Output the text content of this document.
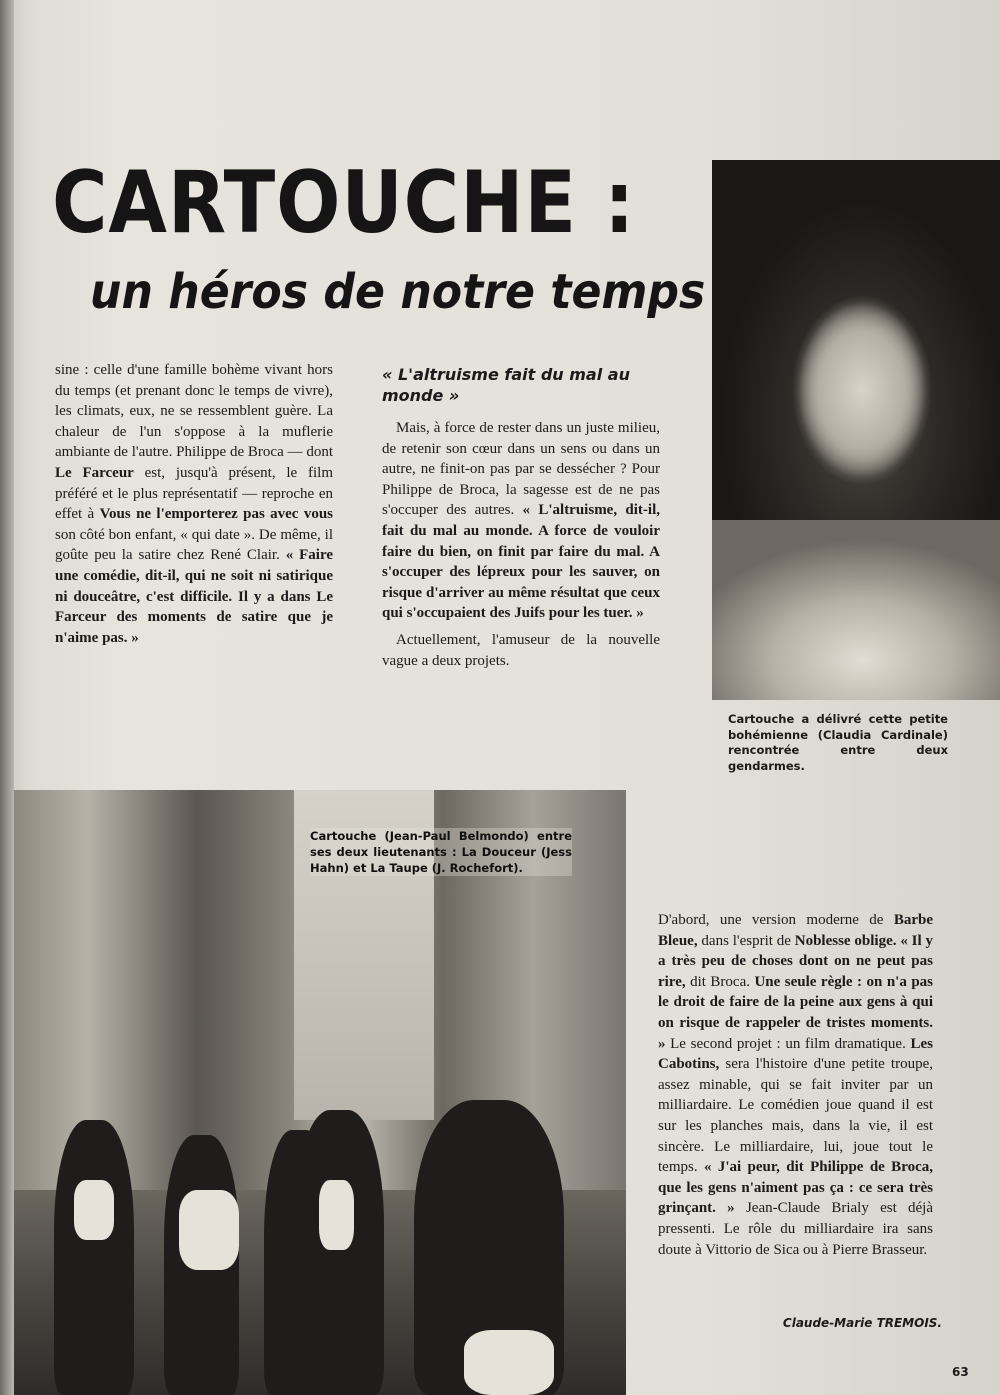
CARTOUCHE :
un héros de notre temps

sine : celle d'une famille bohème vivant hors du temps (et prenant donc le temps de vivre), les climats, eux, ne se ressemblent guère. La chaleur de l'un s'oppose à la muflerie ambiante de l'autre. Philippe de Broca — dont Le Farceur est, jusqu'à présent, le film préféré et le plus représentatif — reproche en effet à Vous ne l'emporterez pas avec vous son côté bon enfant, « qui date ». De même, il goûte peu la satire chez René Clair. « Faire une comédie, dit-il, qui ne soit ni satirique ni douceâtre, c'est difficile. Il y a dans Le Farceur des moments de satire que je n'aime pas. »

« L'altruisme fait du mal au monde »

Mais, à force de rester dans un juste milieu, de retenir son cœur dans un sens ou dans un autre, ne finit-on pas par se dessécher ? Pour Philippe de Broca, la sagesse est de ne pas s'occuper des autres. « L'altruisme, dit-il, fait du mal au monde. A force de vouloir faire du bien, on finit par faire du mal. A s'occuper des lépreux pour les sauver, on risque d'arriver au même résultat que ceux qui s'occupaient des Juifs pour les tuer. »

Actuellement, l'amuseur de la nouvelle vague a deux projets.

Cartouche a délivré cette petite bohémienne (Claudia Cardinale) rencontrée entre deux gendarmes.
Cartouche (Jean-Paul Belmondo) entre ses deux lieutenants : La Douceur (Jess Hahn) et La Taupe (J. Rochefort).

D'abord, une version moderne de Barbe Bleue, dans l'esprit de Noblesse oblige. « Il y a très peu de choses dont on ne peut pas rire, dit Broca. Une seule règle : on n'a pas le droit de faire de la peine aux gens à qui on risque de rappeler de tristes moments. » Le second projet : un film dramatique. Les Cabotins, sera l'histoire d'une petite troupe, assez minable, qui se fait inviter par un milliardaire. Le comédien joue quand il est sur les planches mais, dans la vie, il est sincère. Le milliardaire, lui, joue tout le temps. « J'ai peur, dit Philippe de Broca, que les gens n'aiment pas ça : ce sera très grinçant. » Jean-Claude Brialy est déjà pressenti. Le rôle du milliardaire ira sans doute à Vittorio de Sica ou à Pierre Brasseur.

Claude-Marie TREMOIS.
63
